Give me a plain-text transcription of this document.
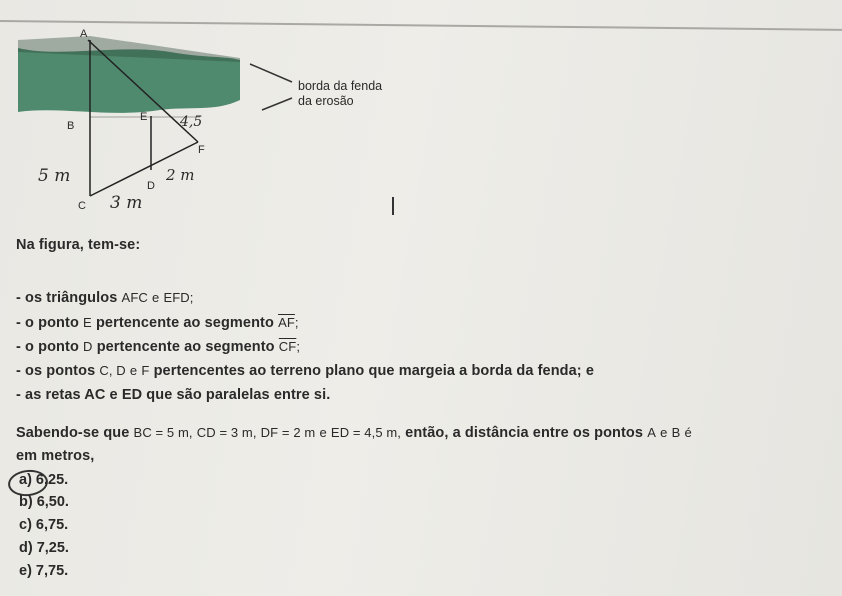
A
B
E
F
D
C
5 m
3 m
2 m
4,5
borda da fenda
da erosão
Na figura, tem-se:
- os triângulos AFC e EFD;
- o ponto E pertencente ao segmento $\overline{AF}$;
- o ponto D pertencente ao segmento $\overline{CF}$;
- os pontos C, D e F pertencentes ao terreno plano que margeia a borda da fenda; e
- as retas AC e ED que são paralelas entre si.
Sabendo-se que BC = 5 m, CD = 3 m, DF = 2 m e ED = 4,5 m, então, a distância entre os pontos A e B é
em metros,
a) 6,25.
b) 6,50.
c) 6,75.
d) 7,25.
e) 7,75.
